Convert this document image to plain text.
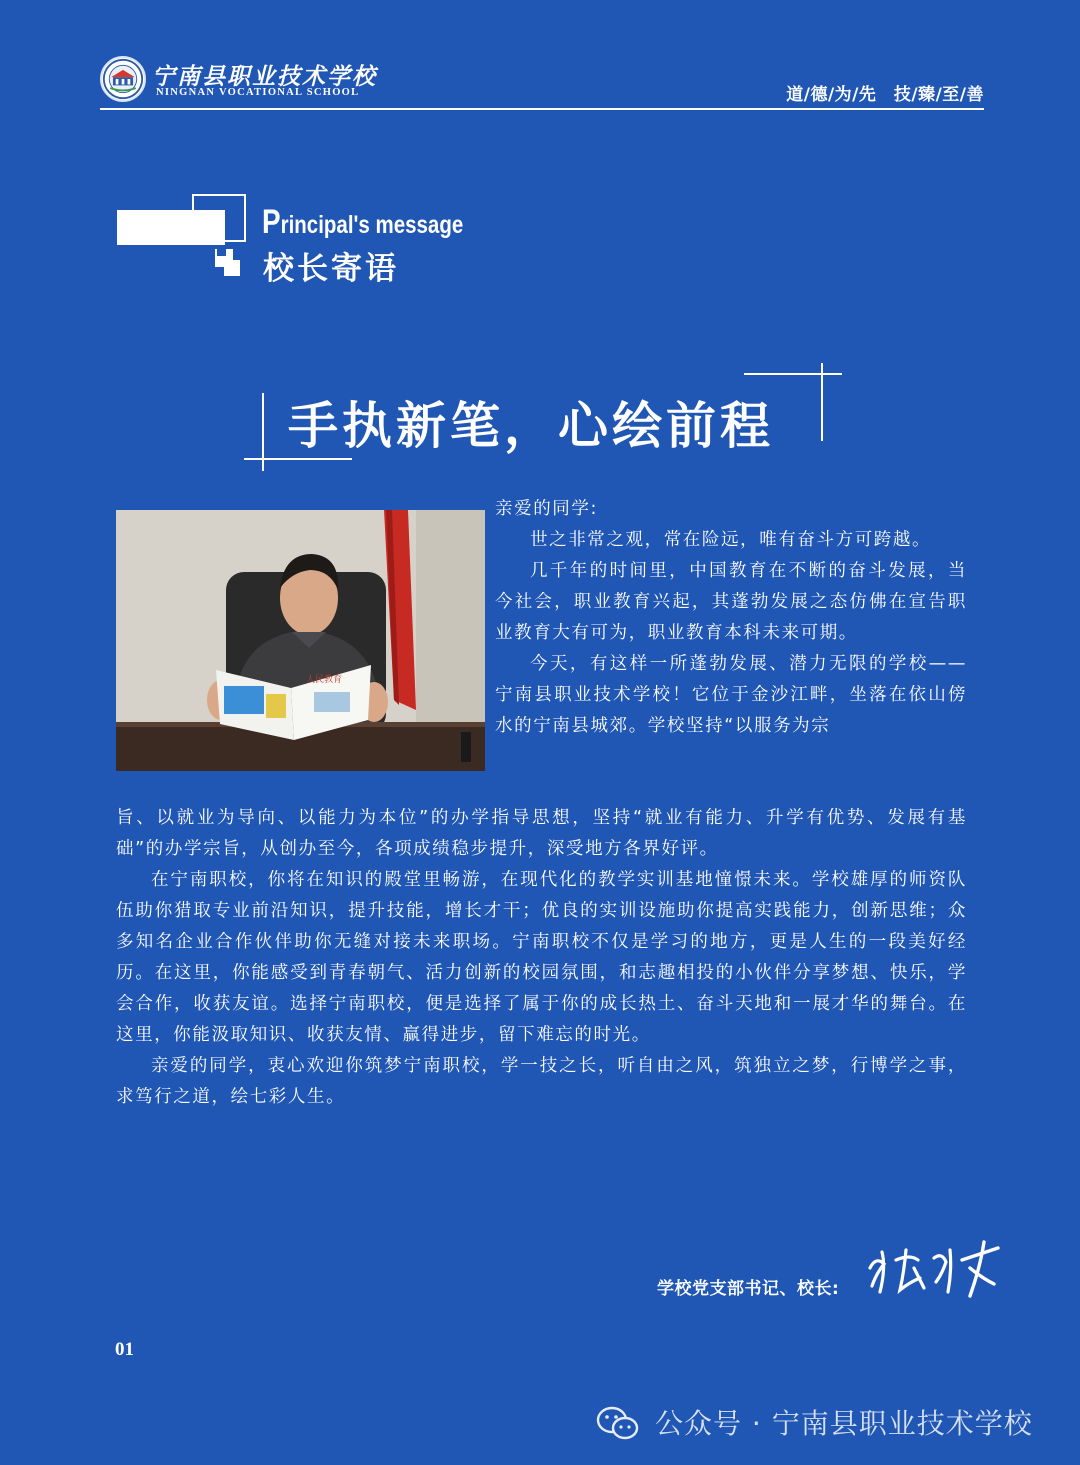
宁南县职业技术学校
NINGNAN VOCATIONAL SCHOOL	道/德/为/先　技/臻/至/善
Principal's message
校长寄语
手执新笔，心绘前程
人民教育
亲爱的同学:
世之非常之观，常在险远，唯有奋斗方可跨越。
几千年的时间里，中国教育在不断的奋斗发展，当今社会，职业教育兴起，其蓬勃发展之态仿佛在宣告职业教育大有可为，职业教育本科未来可期。
今天，有这样一所蓬勃发展、潜力无限的学校——宁南县职业技术学校！它位于金沙江畔，坐落在依山傍水的宁南县城郊。学校坚持“以服务为宗
旨、以就业为导向、以能力为本位”的办学指导思想，坚持“就业有能力、升学有优势、发展有基础”的办学宗旨，从创办至今，各项成绩稳步提升，深受地方各界好评。
在宁南职校，你将在知识的殿堂里畅游，在现代化的教学实训基地憧憬未来。学校雄厚的师资队伍助你猎取专业前沿知识，提升技能，增长才干；优良的实训设施助你提高实践能力，创新思维；众多知名企业合作伙伴助你无缝对接未来职场。宁南职校不仅是学习的地方，更是人生的一段美好经历。在这里，你能感受到青春朝气、活力创新的校园氛围，和志趣相投的小伙伴分享梦想、快乐，学会合作，收获友谊。选择宁南职校，便是选择了属于你的成长热土、奋斗天地和一展才华的舞台。在这里，你能汲取知识、收获友情、赢得进步，留下难忘的时光。
亲爱的同学，衷心欢迎你筑梦宁南职校，学一技之长，听自由之风，筑独立之梦，行博学之事，求笃行之道，绘七彩人生。
学校党支部书记、校长:
01
公众号 · 宁南县职业技术学校
